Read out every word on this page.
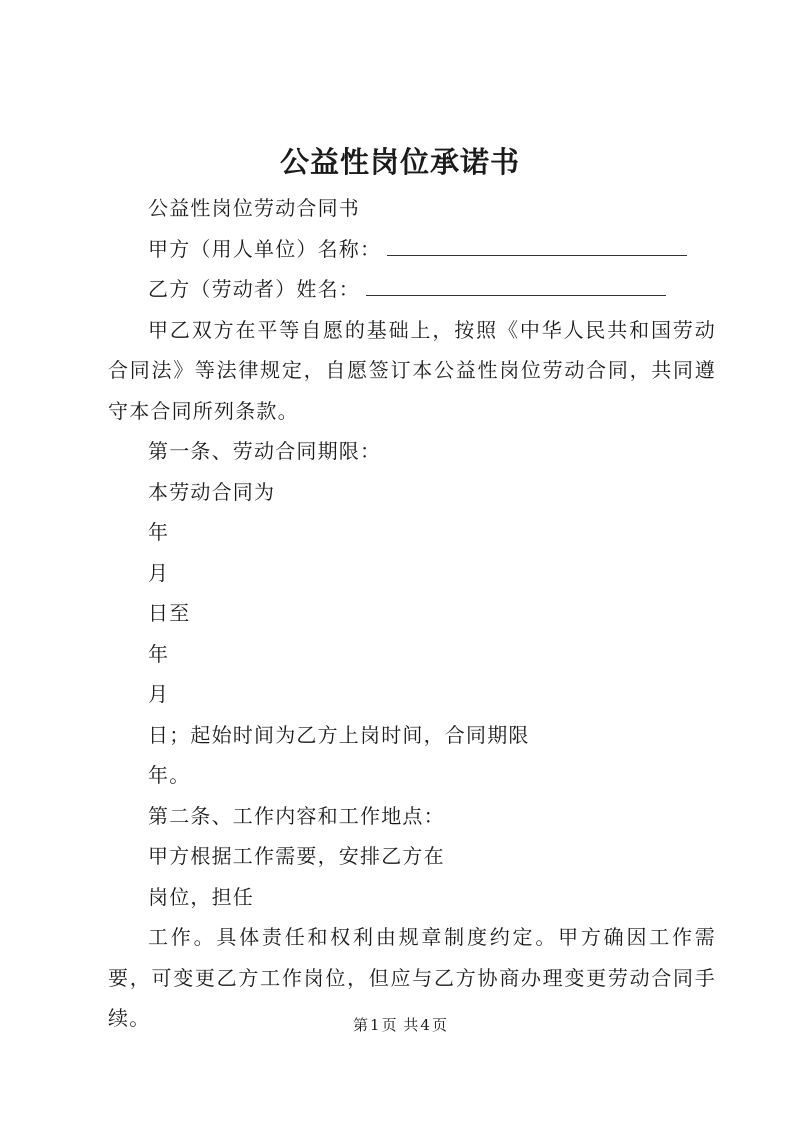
公益性岗位承诺书

公益性岗位劳动合同书

甲方（用人单位）名称：

乙方（劳动者）姓名：

甲乙双方在平等自愿的基础上，按照《中华人民共和国劳动合同法》等法律规定，自愿签订本公益性岗位劳动合同，共同遵守本合同所列条款。

第一条、劳动合同期限：

本劳动合同为

年

月

日至

年

月

日；起始时间为乙方上岗时间，合同期限

年。

第二条、工作内容和工作地点：

甲方根据工作需要，安排乙方在

岗位，担任

工作。具体责任和权利由规章制度约定。甲方确因工作需要，可变更乙方工作岗位，但应与乙方协商办理变更劳动合同手续。	第 1 页 共 4 页
